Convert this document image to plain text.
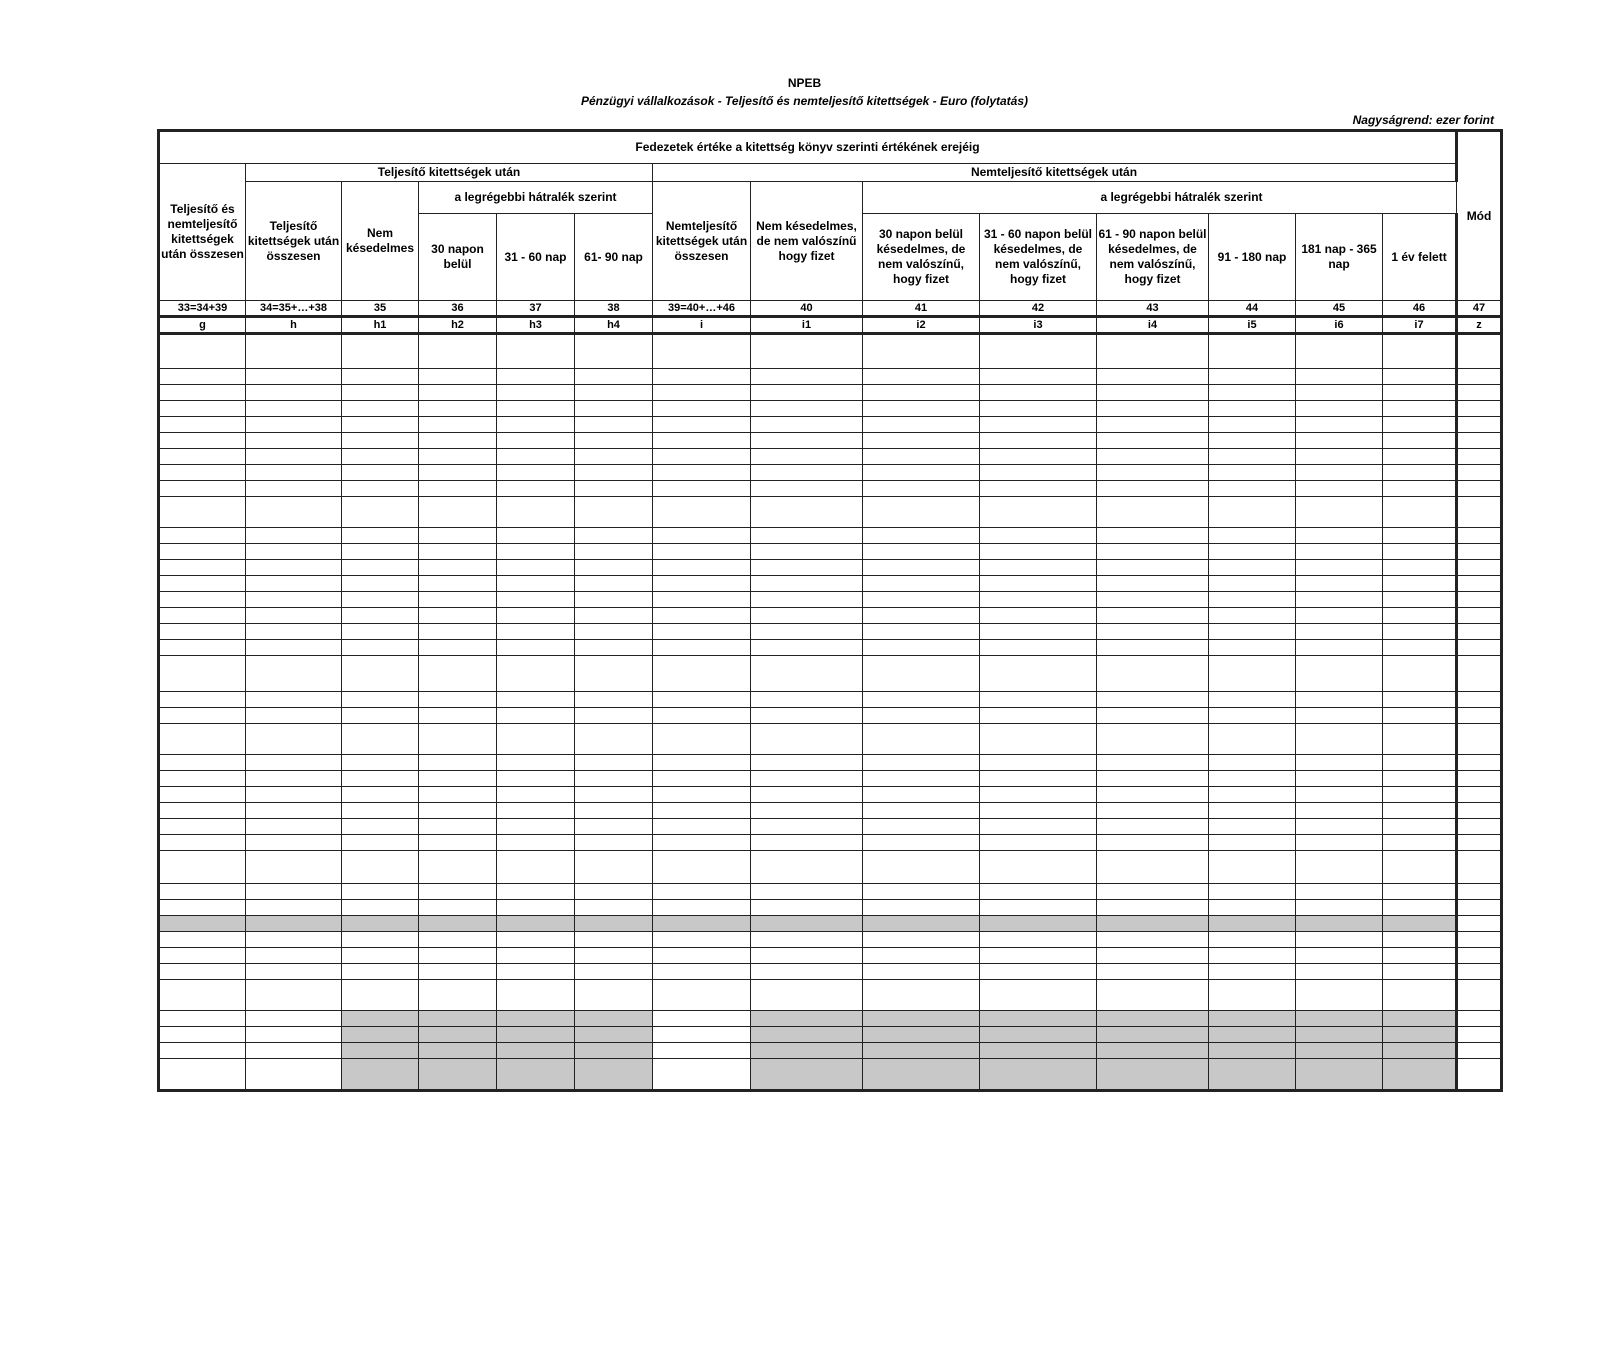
NPEB
Pénzügyi vállalkozások - Teljesítő és nemteljesítő kitettségek - Euro (folytatás)
Nagyságrend: ezer forint
Fedezetek értéke a kitettség könyv szerinti értékének erejéig														Mód
Teljesítő és nemteljesítő kitettségek után összesen	Teljesítő kitettségek után					Nemteljesítő kitettségek után								
	Teljesítő kitettségek után összesen	Nem késedelmes	a legrégebbi hátralék szerint			Nemteljesítő kitettségek után összesen	Nem késedelmes, de nem valószínű hogy fizet	a legrégebbi hátralék szerint						
			30 napon belül	31 - 60 nap	61- 90 nap			30 napon belül késedelmes, de nem valószínű, hogy fizet	31 - 60 napon belül késedelmes, de nem valószínű, hogy fizet	61 - 90 napon belül késedelmes, de nem valószínű, hogy fizet	91 - 180 nap	181 nap - 365 nap	1 év felett	
33=34+39	34=35+…+38	35	36	37	38	39=40+…+46	40	41	42	43	44	45	46	47
g	h	h1	h2	h3	h4	i	i1	i2	i3	i4	i5	i6	i7	z

·
